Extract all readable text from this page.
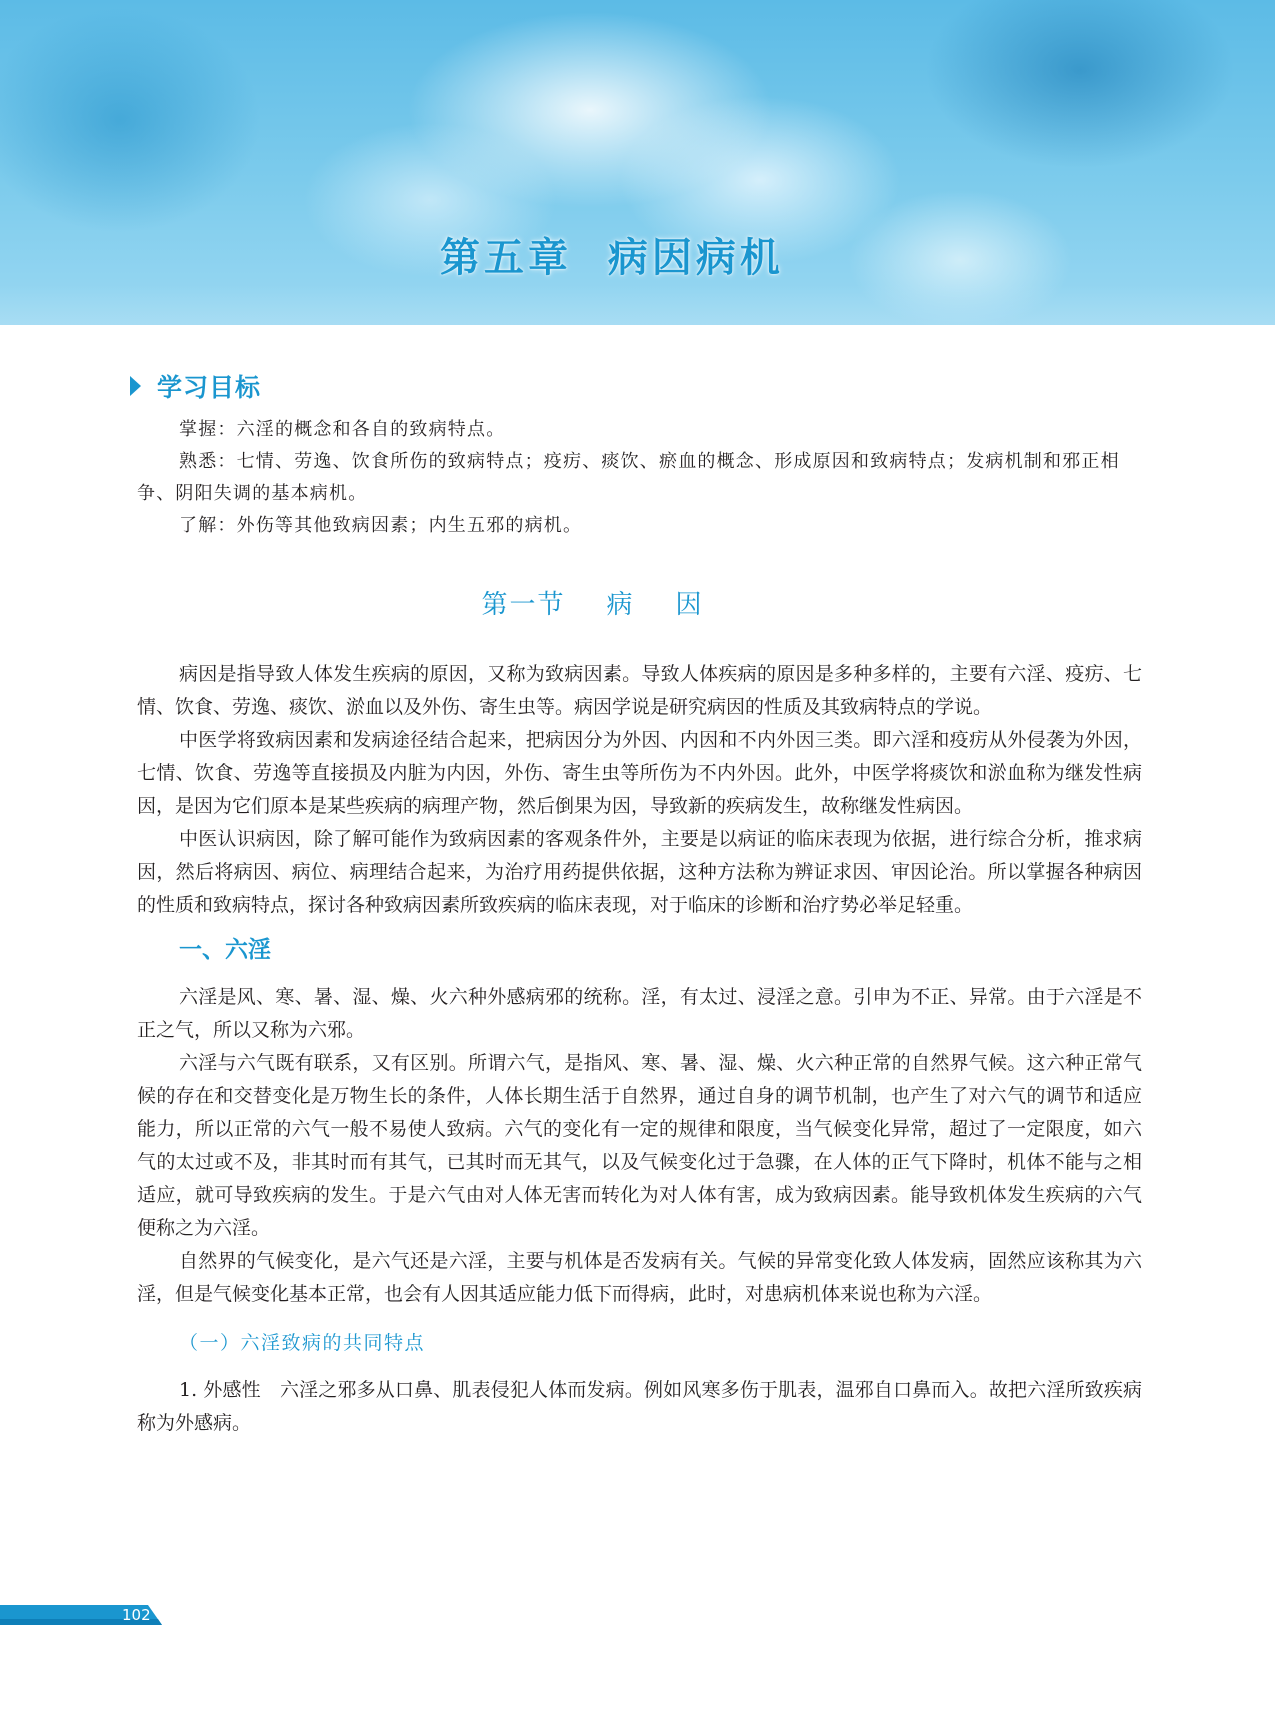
第五章  病因病机
学习目标

掌握：六淫的概念和各自的致病特点。

熟悉：七情、劳逸、饮食所伤的致病特点；疫疠、痰饮、瘀血的概念、形成原因和致病特点；发病机制和邪正相争、阴阳失调的基本病机。

了解：外伤等其他致病因素；内生五邪的病机。

第一节    病    因

病因是指导致人体发生疾病的原因，又称为致病因素。导致人体疾病的原因是多种多样的，主要有六淫、疫疠、七情、饮食、劳逸、痰饮、淤血以及外伤、寄生虫等。病因学说是研究病因的性质及其致病特点的学说。

中医学将致病因素和发病途径结合起来，把病因分为外因、内因和不内外因三类。即六淫和疫疠从外侵袭为外因，七情、饮食、劳逸等直接损及内脏为内因，外伤、寄生虫等所伤为不内外因。此外，中医学将痰饮和淤血称为继发性病因，是因为它们原本是某些疾病的病理产物，然后倒果为因，导致新的疾病发生，故称继发性病因。

中医认识病因，除了解可能作为致病因素的客观条件外，主要是以病证的临床表现为依据，进行综合分析，推求病因，然后将病因、病位、病理结合起来，为治疗用药提供依据，这种方法称为辨证求因、审因论治。所以掌握各种病因的性质和致病特点，探讨各种致病因素所致疾病的临床表现，对于临床的诊断和治疗势必举足轻重。

一、六淫

六淫是风、寒、暑、湿、燥、火六种外感病邪的统称。淫，有太过、浸淫之意。引申为不正、异常。由于六淫是不正之气，所以又称为六邪。

六淫与六气既有联系，又有区别。所谓六气，是指风、寒、暑、湿、燥、火六种正常的自然界气候。这六种正常气候的存在和交替变化是万物生长的条件，人体长期生活于自然界，通过自身的调节机制，也产生了对六气的调节和适应能力，所以正常的六气一般不易使人致病。六气的变化有一定的规律和限度，当气候变化异常，超过了一定限度，如六气的太过或不及，非其时而有其气，已其时而无其气，以及气候变化过于急骤，在人体的正气下降时，机体不能与之相适应，就可导致疾病的发生。于是六气由对人体无害而转化为对人体有害，成为致病因素。能导致机体发生疾病的六气便称之为六淫。

自然界的气候变化，是六气还是六淫，主要与机体是否发病有关。气候的异常变化致人体发病，固然应该称其为六淫，但是气候变化基本正常，也会有人因其适应能力低下而得病，此时，对患病机体来说也称为六淫。

（一）六淫致病的共同特点

1. 外感性　六淫之邪多从口鼻、肌表侵犯人体而发病。例如风寒多伤于肌表，温邪自口鼻而入。故把六淫所致疾病称为外感病。

102
